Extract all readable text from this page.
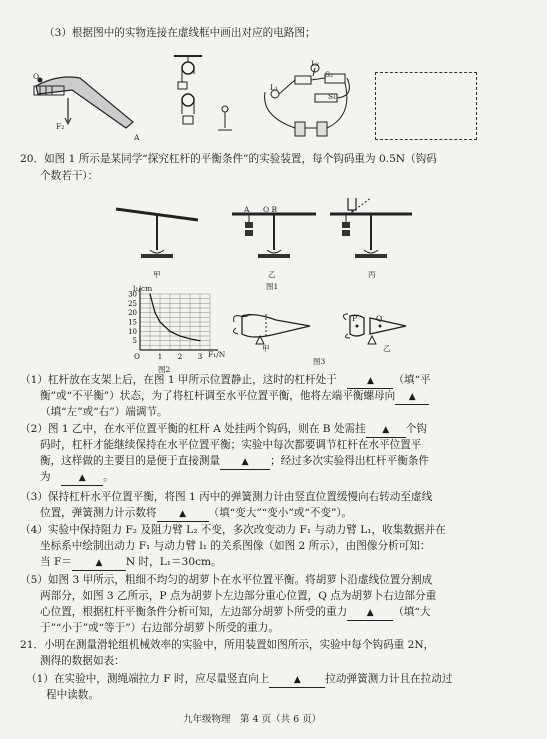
（3）根据图中的实物连接在虚线框中画出对应的电路图；
O
F₂
A
L₂
L₁
S₂
S₁
20．如图 1 所示是某同学“探究杠杆的平衡条件”的实验装置，每个钩码重为 0.5N（钩码
个数若干）：
甲	乙	丙
A O B
图1
30
25
20
15
10
5
O	1 2 3
l₁/cm
F₁/N
图2
甲	乙
图3
P	Q
（1）杠杆放在支架上后，在图 1 甲所示位置静止，这时的杠杆处于　	▲ （填“平
衡”或“不平衡”）状态，为了将杠杆调至水平位置平衡，他将左端平衡螺母向 ▲
（填“左”或“右”）端调节。
（2）图 1 乙中，在水平位置平衡的杠杆 A 处挂两个钩码，则在 B 处需挂 ▲ 个钩
码时，杠杆才能继续保持在水平位置平衡；实验中每次都要调节杠杆在水平位置平
衡，这样做的主要目的是便于直接测量 ▲ ；经过多次实验得出杠杆平衡条件
为　	▲ 。
（3）保持杠杆水平位置平衡，将图 1 丙中的弹簧测力计由竖直位置缓慢向右转动至虚线
位置，弹簧测力计示数将	▲ （填“变大”“变小”或“不变”）。
（4）实验中保持阻力 F₂ 及阻力臂 L₂ 不变，多次改变动力 F₁ 与动力臂 L₁，收集数据并在
坐标系中绘制出动力 F₁ 与动力臂 l₁ 的关系图像（如图 2 所示），由图像分析可知：
当 F＝	▲ N 时，L₁＝30cm。
（5）如图 3 甲所示，粗细不均匀的胡萝卜在水平位置平衡。将胡萝卜沿虚线位置分割成
两部分，如图 3 乙所示，P 点为胡萝卜左边部分重心位置，Q 点为胡萝卜右边部分重
心位置，根据杠杆平衡条件分析可知，左边部分胡萝卜所受的重力 ▲ （填“大
于”“小于”或“等于”）右边部分胡萝卜所受的重力。
21．小明在测量滑轮组机械效率的实验中，所用装置如图所示，实验中每个钩码重 2N，
测得的数据如表：
（1）在实验中，测绳端拉力 F 时，应尽量竖直向上	▲ 拉动弹簧测力计且在拉动过
程中读数。
九年级物理　第 4 页（共 6 页）
